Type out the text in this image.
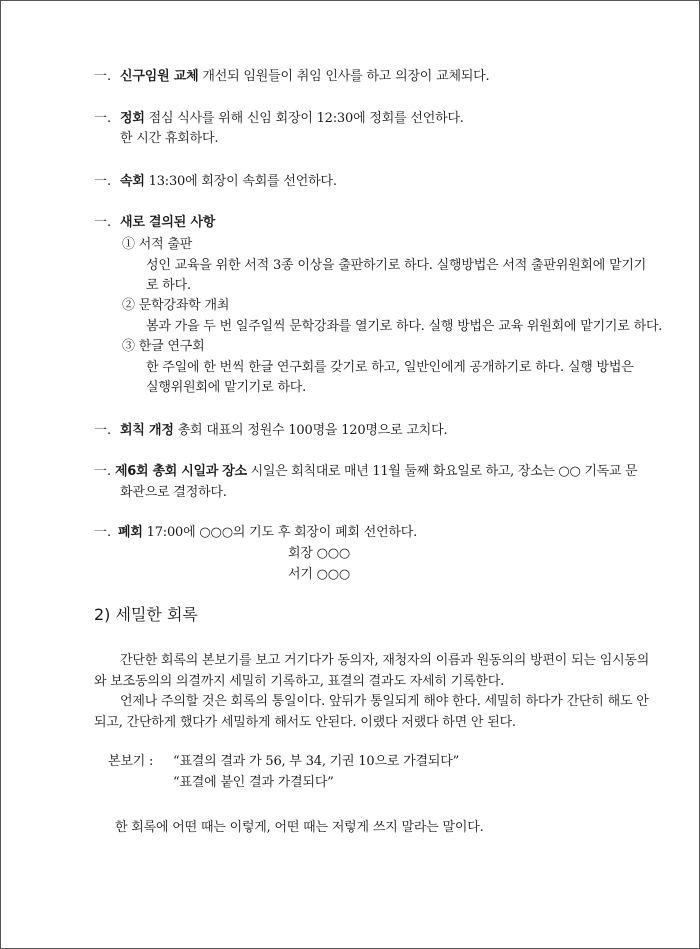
一. 신구임원 교체 개선되 임원들이 취임 인사를 하고 의장이 교체되다.
一. 정회 점심 식사를 위해 신임 회장이 12:30에 정회를 선언하다.
한 시간 휴회하다.
一. 속회 13:30에 회장이 속회를 선언하다.
一. 새로 결의된 사항
① 서적 출판
성인 교육을 위한 서적 3종 이상을 출판하기로 하다. 실행방법은 서적 출판위원회에 맡기기
로 하다.
② 문학강좌학 개최
봄과 가을 두 번 일주일씩 문학강좌를 열기로 하다. 실행 방법은 교육 위원회에 맡기기로 하다.
③ 한글 연구회
한 주일에 한 번씩 한글 연구회를 갖기로 하고, 일반인에게 공개하기로 하다. 실행 방법은
실행위원회에 맡기기로 하다.
一. 회칙 개정 총회 대표의 정원수 100명을 120명으로 고치다.
一. 제6회 총회 시일과 장소 시일은 회칙대로 매년 11월 둘째 화요일로 하고, 장소는 ○○ 기독교 문
화관으로 결정하다.
一. 폐회 17:00에 ○○○의 기도 후 회장이 폐회 선언하다.
회장 ○○○
서기 ○○○
2) 세밀한 회록
간단한 회록의 본보기를 보고 거기다가 동의자, 재청자의 이름과 원동의의 방편이 되는 임시동의
와 보조동의의 의결까지 세밀히 기록하고, 표결의 결과도 자세히 기록한다.
언제나 주의할 것은 회록의 통일이다. 앞뒤가 통일되게 해야 한다. 세밀히 하다가 간단히 해도 안
되고, 간단하게 했다가 세밀하게 해서도 안된다. 이랬다 저랬다 하면 안 된다.
본보기 : “표결의 결과 가 56, 부 34, 기권 10으로 가결되다”
“표결에 붙인 결과 가결되다”
한 회록에 어떤 때는 이렇게, 어떤 때는 저렇게 쓰지 말라는 말이다.
